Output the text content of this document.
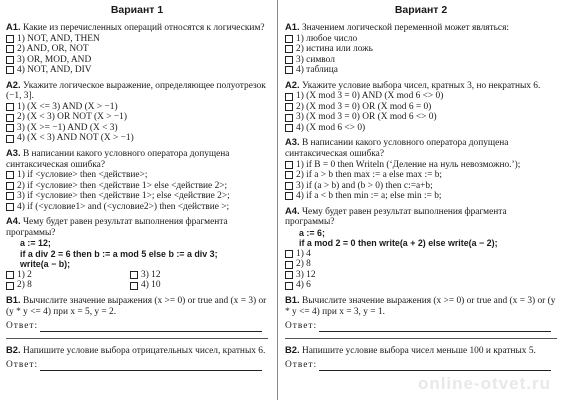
Вариант 1
А1. Какие из перечисленных операций относятся к логическим?
1) NOT, AND, THEN
2) AND, OR, NOT
3) OR, MOD, AND
4) NOT, AND, DIV
А2. Укажите логическое выражение, определяющее полуотрезок (−1, 3].
1) (X <= 3) AND (X > −1)
2) (X < 3) OR NOT (X > −1)
3) (X >= −1) AND (X < 3)
4) (X < 3) AND NOT (X > −1)
А3. В написании какого условного оператора допущена синтаксическая ошибка?
1) if <условие> then <действие>;
2) if <условие> then <действие 1> else <действие 2>;
3) if <условие> then <действие 1>; else <действие 2>;
4) if (<условие1> and (<условие2>) then <действие >;
А4. Чему будет равен результат выполнения фрагмента программы?
a := 12;
if a div 2 = 6 then b := a mod 5 else b := a div 3;
write(a − b);
1) 2	3) 12
2) 8	4) 10
В1. Вычислите значение выражения (x >= 0) or true and (x = 3) or (y * y <= 4) при x = 5, y = 2.
Ответ:
В2. Напишите условие выбора отрицательных чисел, кратных 6.
Ответ:
Вариант 2
А1. Значением логической переменной может являться:
1) любое число
2) истина или ложь
3) символ
4) таблица
А2. Укажите условие выбора чисел, кратных 3, но некратных 6.
1) (X mod 3 = 0) AND (X mod 6 <> 0)
2) (X mod 3 = 0) OR (X mod 6 = 0)
3) (X mod 3 = 0) OR (X mod 6 <> 0)
4) (X mod 6 <> 0)
А3. В написании какого условного оператора допущена синтаксическая ошибка?
1) if B = 0 then Writeln (‘Деление на нуль невозможно.’);
2) if a > b then max := a else max := b;
3) if (a > b) and (b > 0) then c:=a+b;
4) if a < b then min := a; else min := b;
А4. Чему будет равен результат выполнения фрагмента программы?
a := 6;
if a mod 2 = 0 then write(a + 2) else write(a − 2);
1) 4
2) 8
3) 12
4) 6
В1. Вычислите значение выражения (x >= 0) or true and (x = 3) or (y * y <= 4) при x = 3, y = 1.
Ответ:
В2. Напишите условие выбора чисел меньше 100 и кратных 5.
Ответ:
online-otvet.ru
